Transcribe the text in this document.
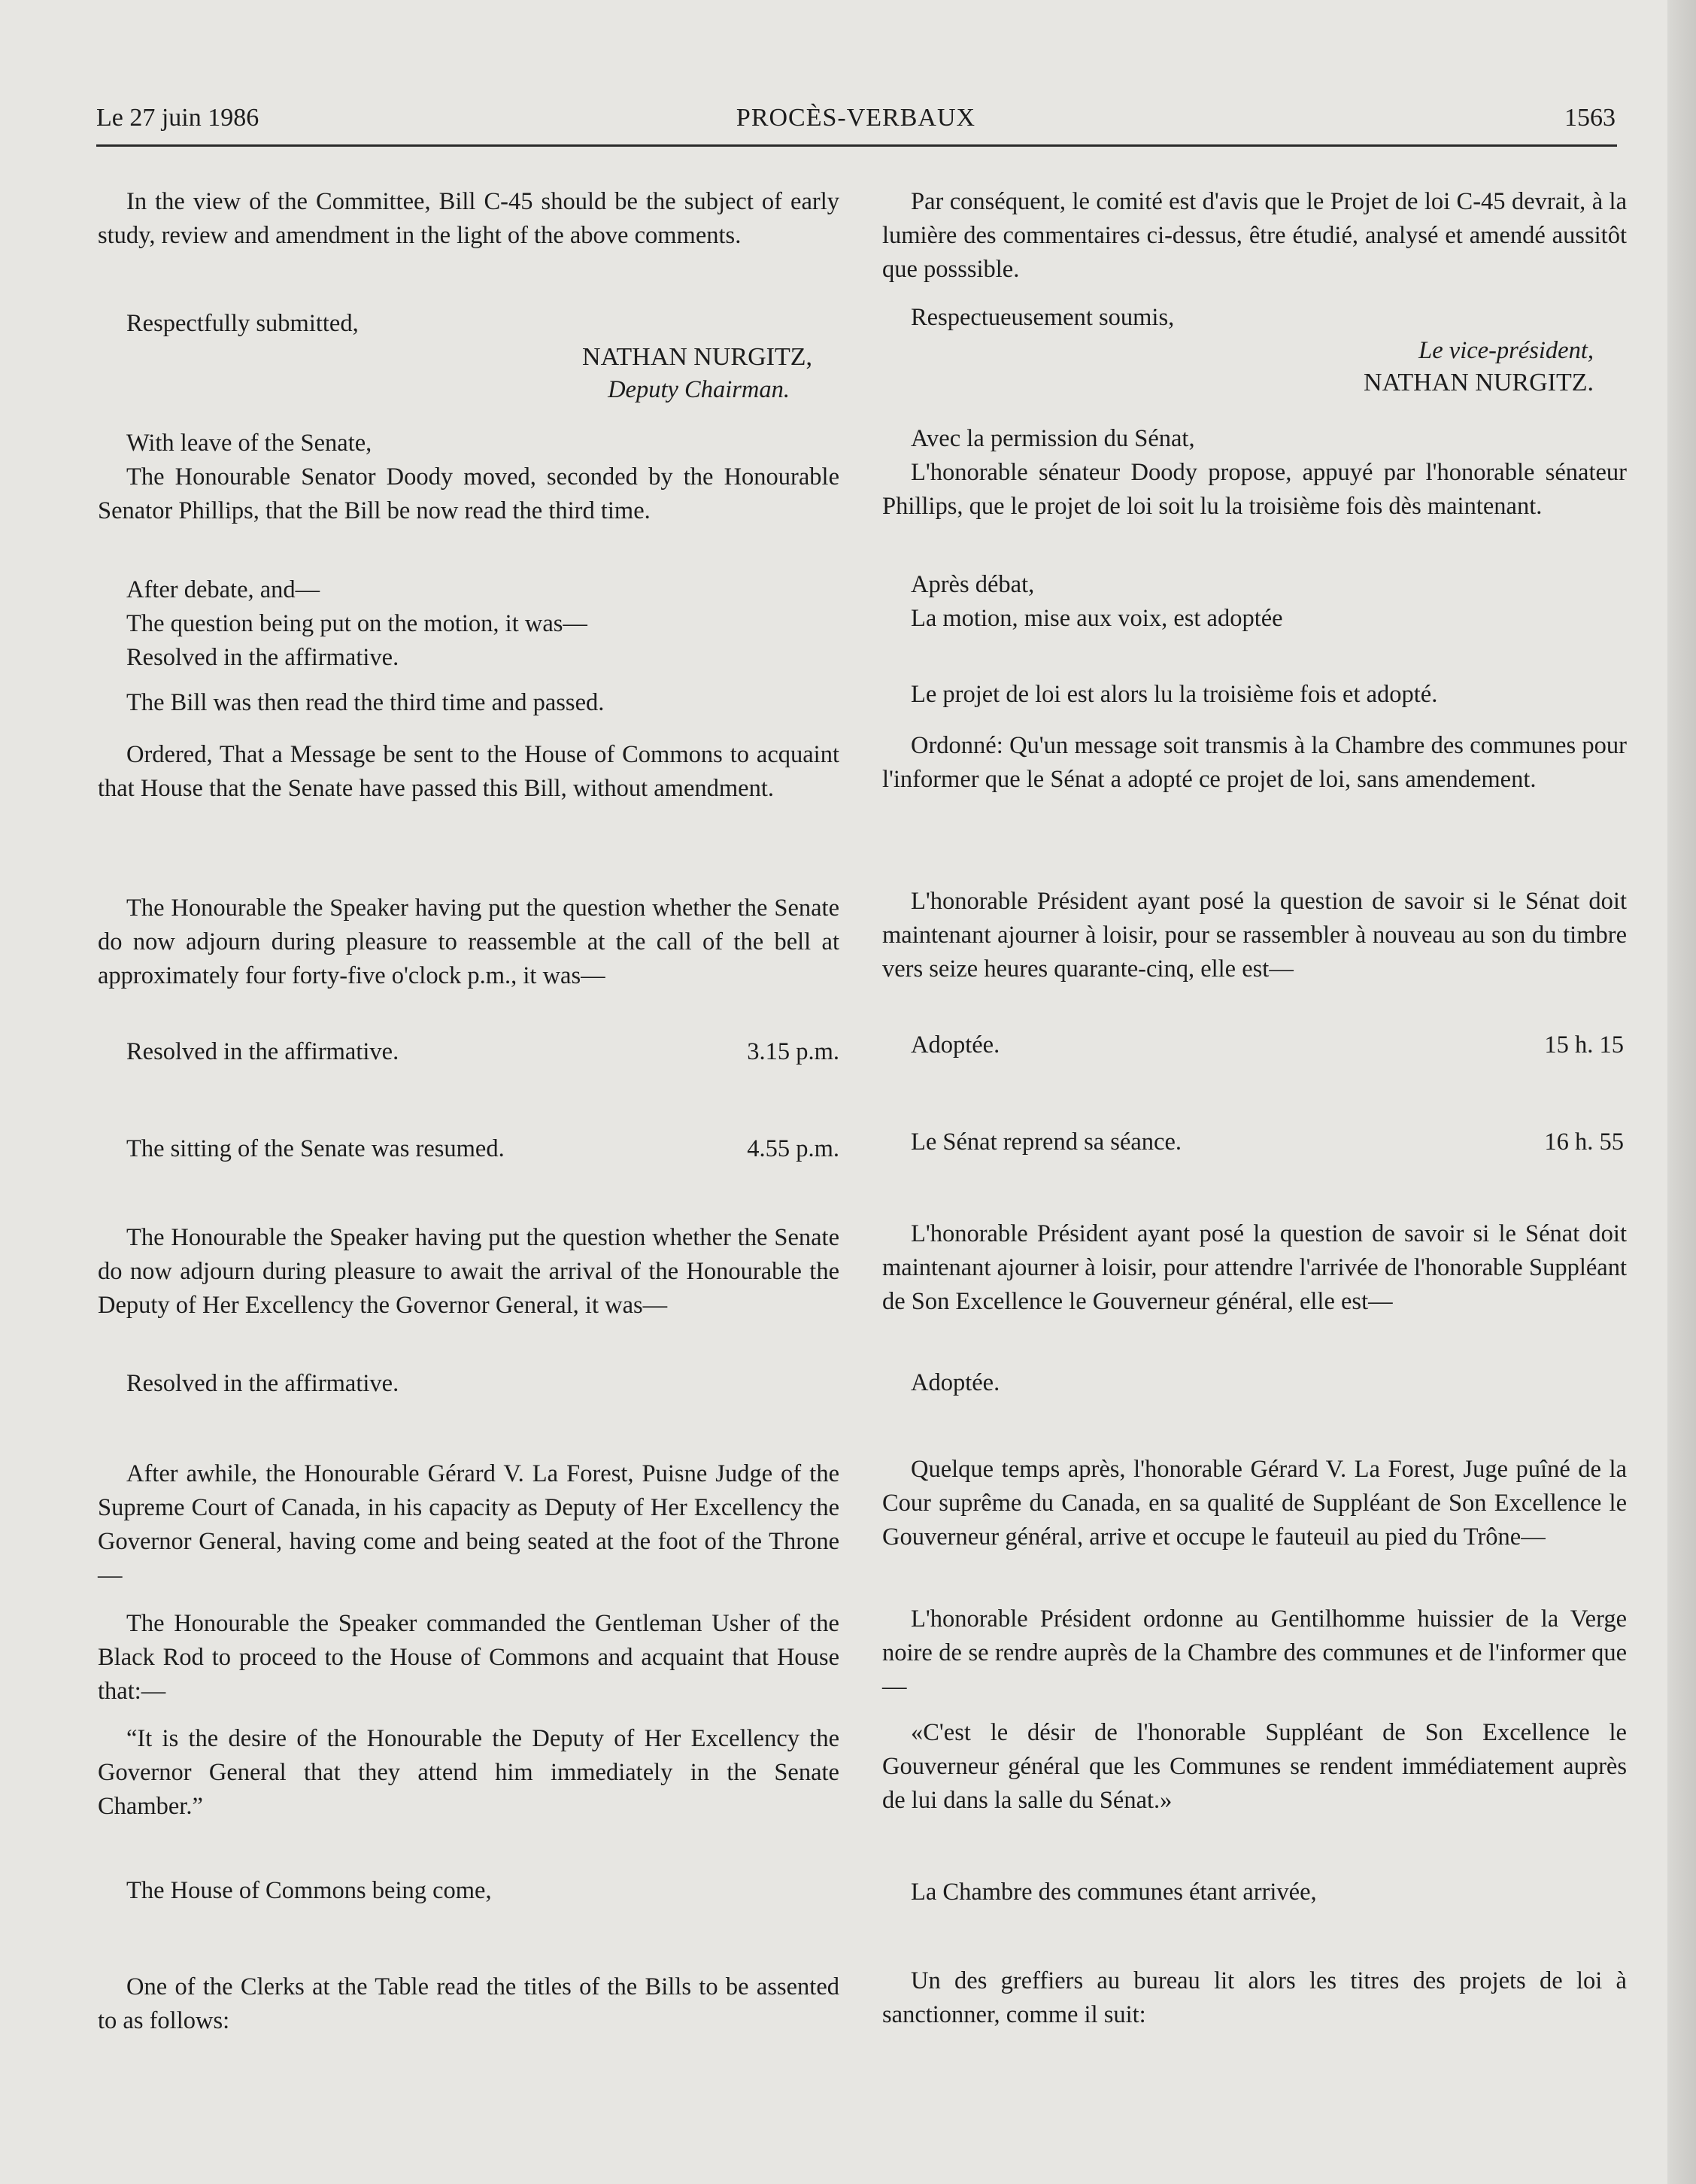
Le 27 juin 1986	PROCÈS-VERBAUX	1563

In the view of the Committee, Bill C-45 should be the subject of early study, review and amendment in the light of the above comments.

Respectfully submitted,

NATHAN NURGITZ,

Deputy Chairman.

With leave of the Senate,

The Honourable Senator Doody moved, seconded by the Honourable Senator Phillips, that the Bill be now read the third time.

After debate, and—

The question being put on the motion, it was—

Resolved in the affirmative.

The Bill was then read the third time and passed.

Ordered, That a Message be sent to the House of Commons to acquaint that House that the Senate have passed this Bill, without amendment.

The Honourable the Speaker having put the question whether the Senate do now adjourn during pleasure to reassemble at the call of the bell at approximately four forty-five o'clock p.m., it was—

Resolved in the affirmative.	3.15 p.m.
The sitting of the Senate was resumed.	4.55 p.m.

The Honourable the Speaker having put the question whether the Senate do now adjourn during pleasure to await the arrival of the Honourable the Deputy of Her Excellency the Governor General, it was—

Resolved in the affirmative.

After awhile, the Honourable Gérard V. La Forest, Puisne Judge of the Supreme Court of Canada, in his capacity as Deputy of Her Excellency the Governor General, having come and being seated at the foot of the Throne—

The Honourable the Speaker commanded the Gentleman Usher of the Black Rod to proceed to the House of Commons and acquaint that House that:—

“It is the desire of the Honourable the Deputy of Her Excellency the Governor General that they attend him immediately in the Senate Chamber.”

The House of Commons being come,

One of the Clerks at the Table read the titles of the Bills to be assented to as follows:

Par conséquent, le comité est d'avis que le Projet de loi C-45 devrait, à la lumière des commentaires ci-dessus, être étudié, analysé et amendé aussitôt que posssible.

Respectueusement soumis,

Le vice-président,

NATHAN NURGITZ.

Avec la permission du Sénat,

L'honorable sénateur Doody propose, appuyé par l'honorable sénateur Phillips, que le projet de loi soit lu la troisième fois dès maintenant.

Après débat,

La motion, mise aux voix, est adoptée

Le projet de loi est alors lu la troisième fois et adopté.

Ordonné: Qu'un message soit transmis à la Chambre des communes pour l'informer que le Sénat a adopté ce projet de loi, sans amendement.

L'honorable Président ayant posé la question de savoir si le Sénat doit maintenant ajourner à loisir, pour se rassembler à nouveau au son du timbre vers seize heures quarante-cinq, elle est—

Adoptée.	15 h. 15
Le Sénat reprend sa séance.	16 h. 55

L'honorable Président ayant posé la question de savoir si le Sénat doit maintenant ajourner à loisir, pour attendre l'arrivée de l'honorable Suppléant de Son Excellence le Gouverneur général, elle est—

Adoptée.

Quelque temps après, l'honorable Gérard V. La Forest, Juge puîné de la Cour suprême du Canada, en sa qualité de Suppléant de Son Excellence le Gouverneur général, arrive et occupe le fauteuil au pied du Trône—

L'honorable Président ordonne au Gentilhomme huissier de la Verge noire de se rendre auprès de la Chambre des communes et de l'informer que—

«C'est le désir de l'honorable Suppléant de Son Excellence le Gouverneur général que les Communes se rendent immédiatement auprès de lui dans la salle du Sénat.»

La Chambre des communes étant arrivée,

Un des greffiers au bureau lit alors les titres des projets de loi à sanctionner, comme il suit:
